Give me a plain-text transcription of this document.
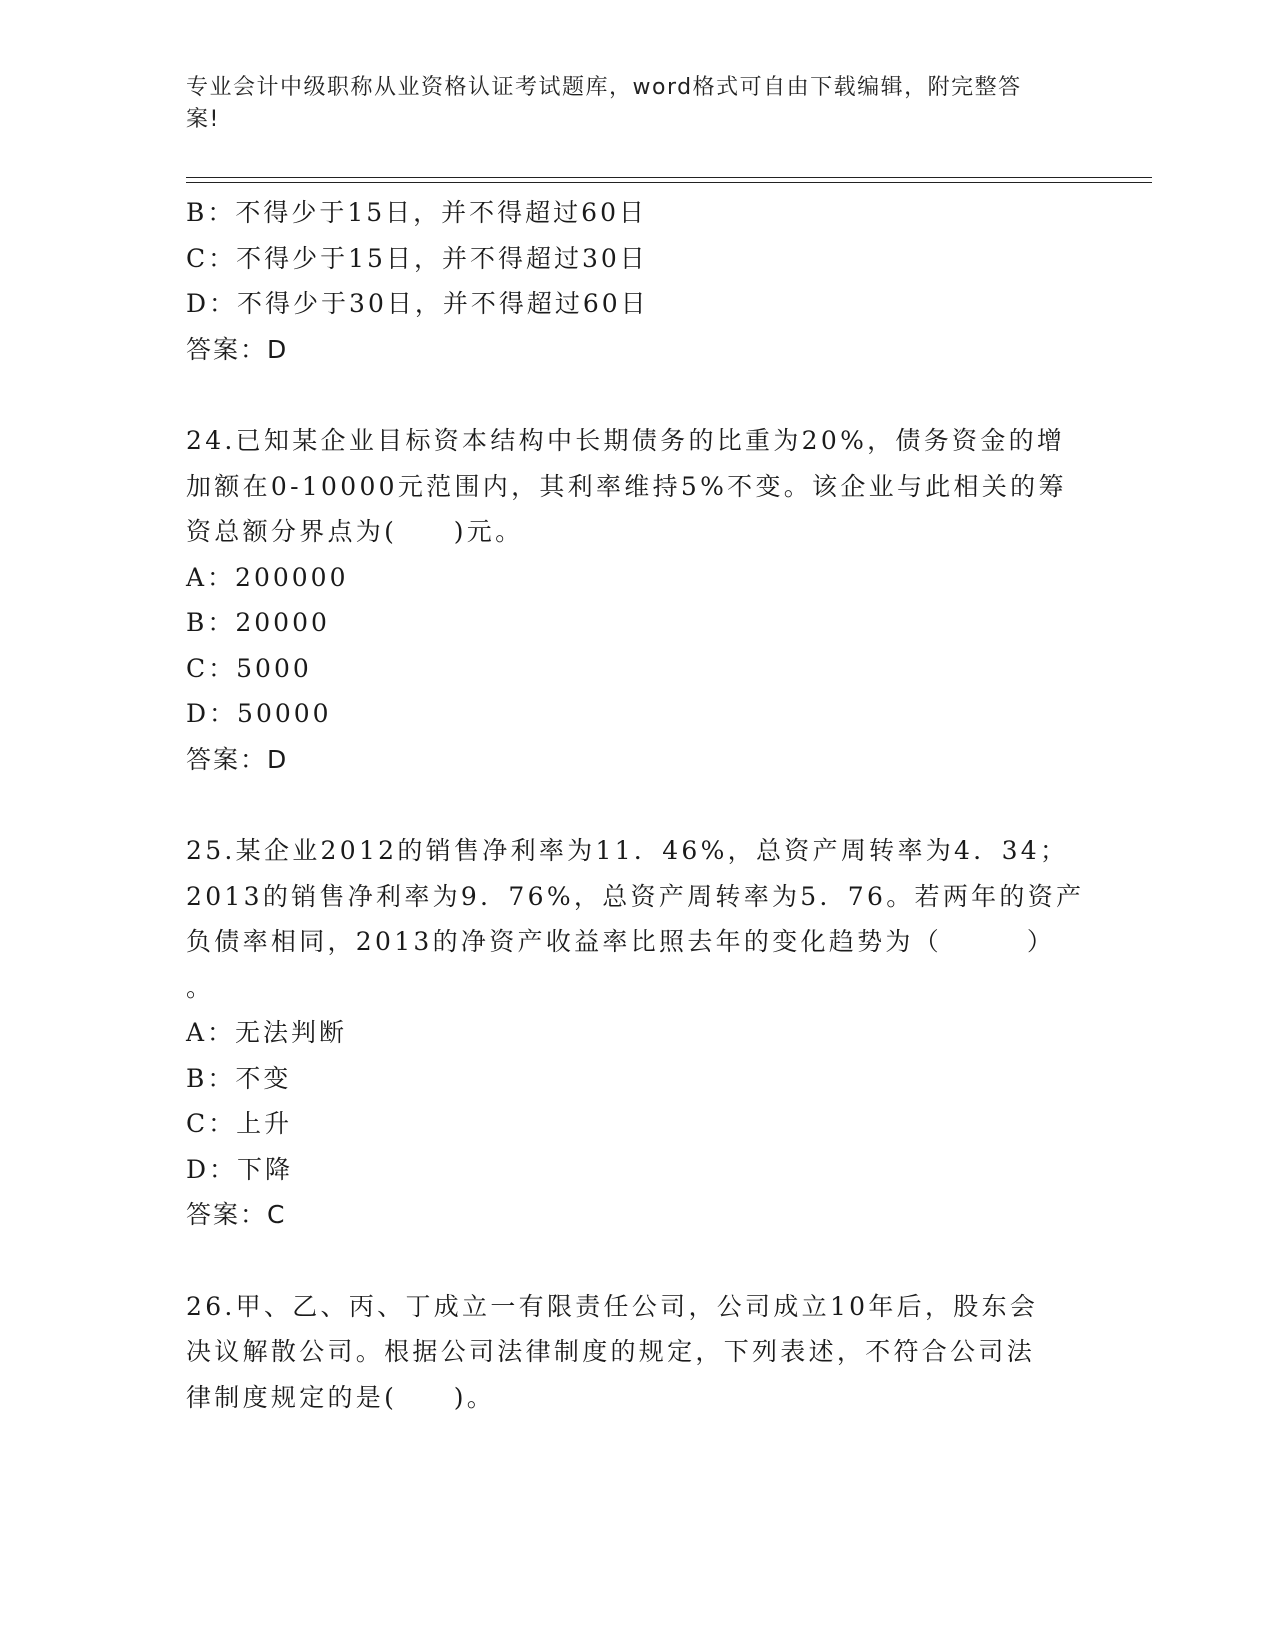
专业会计中级职称从业资格认证考试题库，word格式可自由下载编辑，附完整答
案!
B：不得少于15日，并不得超过60日
C：不得少于15日，并不得超过30日
D：不得少于30日，并不得超过60日
答案：D
24.已知某企业目标资本结构中长期债务的比重为20%，债务资金的增
加额在0-10000元范围内，其利率维持5%不变。该企业与此相关的筹
资总额分界点为(　　)元。
A：200000
B：20000
C：5000
D：50000
答案：D
25.某企业2012的销售净利率为11．46%，总资产周转率为4．34；
2013的销售净利率为9．76%，总资产周转率为5．76。若两年的资产
负债率相同，2013的净资产收益率比照去年的变化趋势为（　　　）
。
A：无法判断
B：不变
C：上升
D：下降
答案：C
26.甲、乙、丙、丁成立一有限责任公司，公司成立10年后，股东会
决议解散公司。根据公司法律制度的规定，下列表述，不符合公司法
律制度规定的是(　　)。
